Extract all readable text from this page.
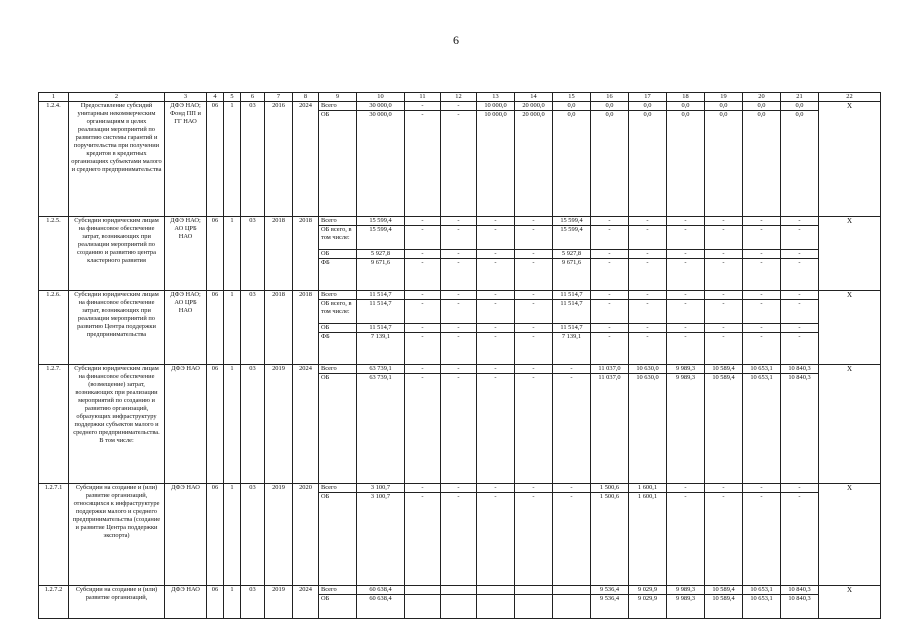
6
1	2	3	4	5	6	7	8	9	10	11	12	13	14	15	16	17	18	19	20	21	22
1.2.4.	Предоставление субсидий унитарным некоммерческим организациям в целях реализации мероприятий по развитию системы гарантий и поручительства при получении кредитов в кредитных организациях субъектами малого и среднего предпринимательства	ДФЭ НАО; Фонд ПП и ГГ НАО	06	1	03	2016	2024	Всего	30 000,0	-	-	10 000,0	20 000,0	0,0	0,0	0,0	0,0	0,0	0,0	0,0	X
								ОБ	30 000,0	-	-	10 000,0	20 000,0	0,0	0,0	0,0	0,0	0,0	0,0	0,0	
1.2.5.	Субсидии юридическим лицам на финансовое обеспечение затрат, возникающих при реализации мероприятий по созданию и развитию центра кластерного развития	ДФЭ НАО; АО ЦРБ НАО	06	1	03	2018	2018	Всего	15 599,4	-	-	-	-	15 599,4	-	-	-	-	-	-	X
								ОБ всего, в том числе:	15 599,4	-	-	-	-	15 599,4	-	-	-	-	-	-	
								ОБ	5 927,8	-	-	-	-	5 927,8	-	-	-	-	-	-	
								ФБ	9 671,6	-	-	-	-	9 671,6	-	-	-	-	-	-	
1.2.6.	Субсидии юридическим лицам на финансовое обеспечение затрат, возникающих при реализации мероприятий по развитию Центра поддержки предпринимательства	ДФЭ НАО; АО ЦРБ НАО	06	1	03	2018	2018	Всего	11 514,7	-	-	-	-	11 514,7	-	-	-	-	-	-	X
								ОБ всего, в том числе:	11 514,7	-	-	-	-	11 514,7	-	-	-	-	-	-	
								ОБ	11 514,7	-	-	-	-	11 514,7	-	-	-	-	-	-	
								ФБ	7 139,1	-	-	-	-	7 139,1	-	-	-	-	-	-	
1.2.7.	Субсидии юридическим лицам на финансовое обеспечение (возмещение) затрат, возникающих при реализации мероприятий по созданию и развитию организаций, образующих инфраструктуру поддержки субъектов малого и среднего предпринимательства. В том числе:	ДФЭ НАО	06	1	03	2019	2024	Всего	63 739,1	-	-	-	-	-	11 037,0	10 630,0	9 989,3	10 589,4	10 653,1	10 840,3	X
								ОБ	63 739,1	-	-	-	-	-	11 037,0	10 630,0	9 989,3	10 589,4	10 653,1	10 840,3	
1.2.7.1	Субсидии на создание и (или) развитие организаций, относящихся к инфраструктуре поддержки малого и среднего предпринимательства (создание и развитие Центра поддержки экспорта)	ДФЭ НАО	06	1	03	2019	2020	Всего	3 100,7	-	-	-	-	-	1 500,6	1 600,1	-	-	-	-	X
								ОБ	3 100,7	-	-	-	-	-	1 500,6	1 600,1	-	-	-	-	
1.2.7.2	Субсидии на создание и (или) развитие организаций,	ДФЭ НАО	06	1	03	2019	2024	Всего	60 638,4						9 536,4	9 029,9	9 989,3	10 589,4	10 653,1	10 840,3	X
								ОБ	60 638,4						9 536,4	9 029,9	9 989,3	10 589,4	10 653,1	10 840,3	
